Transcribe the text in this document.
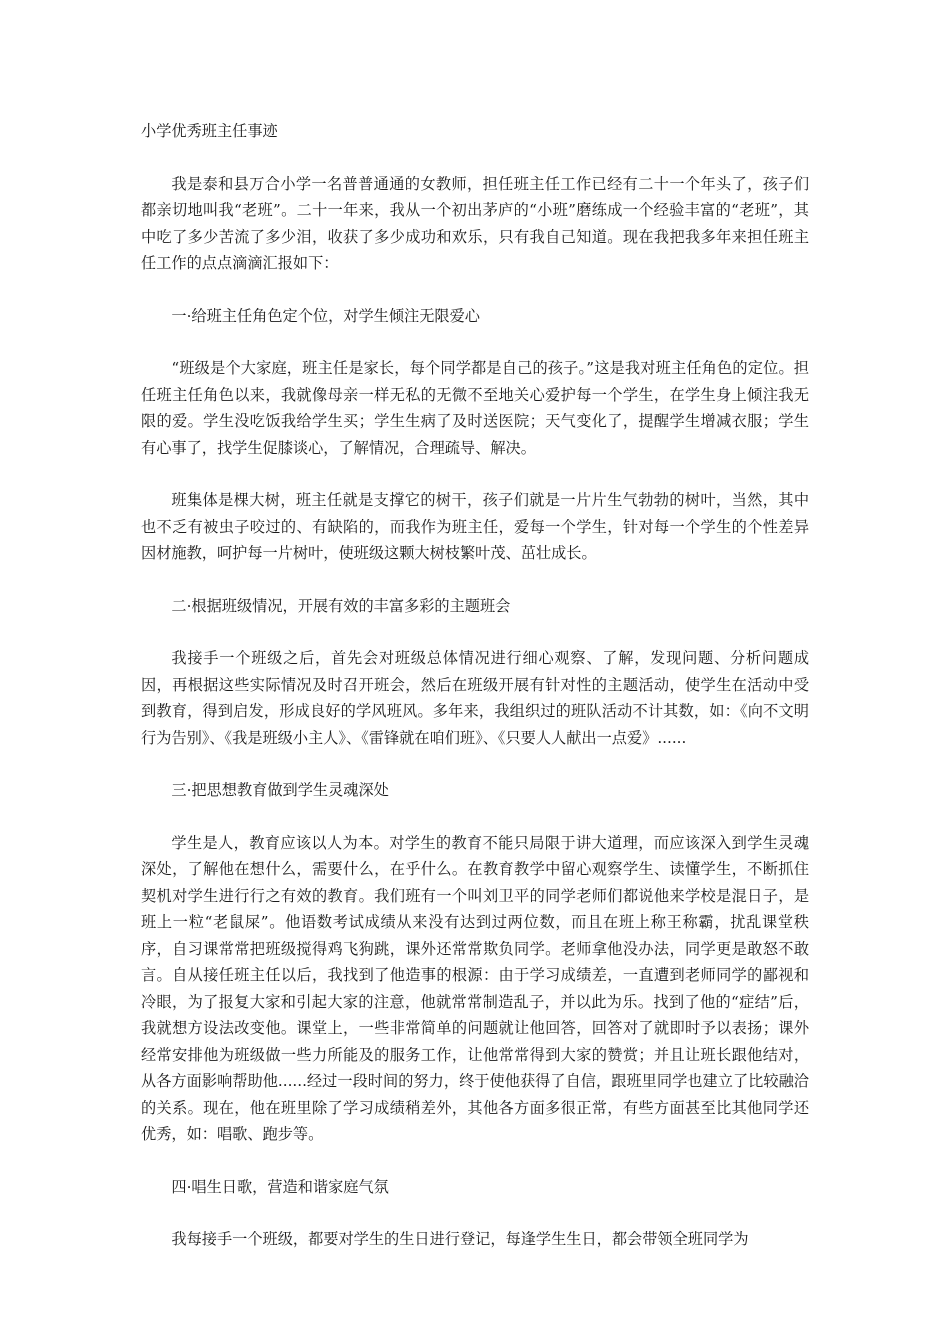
小学优秀班主任事迹

我是泰和县万合小学一名普普通通的女教师，担任班主任工作已经有二十一个年头了，孩子们都亲切地叫我“老班”。二十一年来，我从一个初出茅庐的“小班”磨练成一个经验丰富的“老班”，其中吃了多少苦流了多少泪，收获了多少成功和欢乐，只有我自己知道。现在我把我多年来担任班主任工作的点点滴滴汇报如下：

一·给班主任角色定个位，对学生倾注无限爱心

“班级是个大家庭，班主任是家长，每个同学都是自己的孩子。”这是我对班主任角色的定位。担任班主任角色以来，我就像母亲一样无私的无微不至地关心爱护每一个学生，在学生身上倾注我无限的爱。学生没吃饭我给学生买；学生生病了及时送医院；天气变化了，提醒学生增减衣服；学生有心事了，找学生促膝谈心，了解情况，合理疏导、解决。

班集体是棵大树，班主任就是支撑它的树干，孩子们就是一片片生气勃勃的树叶，当然，其中也不乏有被虫子咬过的、有缺陷的，而我作为班主任，爱每一个学生，针对每一个学生的个性差异因材施教，呵护每一片树叶，使班级这颗大树枝繁叶茂、茁壮成长。

二·根据班级情况，开展有效的丰富多彩的主题班会

我接手一个班级之后，首先会对班级总体情况进行细心观察、了解，发现问题、分析问题成因，再根据这些实际情况及时召开班会，然后在班级开展有针对性的主题活动，使学生在活动中受到教育，得到启发，形成良好的学风班风。多年来，我组织过的班队活动不计其数，如：《向不文明行为告别》、《我是班级小主人》、《雷锋就在咱们班》、《只要人人献出一点爱》......

三·把思想教育做到学生灵魂深处

学生是人，教育应该以人为本。对学生的教育不能只局限于讲大道理，而应该深入到学生灵魂深处，了解他在想什么，需要什么，在乎什么。在教育教学中留心观察学生、读懂学生，不断抓住契机对学生进行行之有效的教育。我们班有一个叫刘卫平的同学老师们都说他来学校是混日子，是班上一粒“老鼠屎”。他语数考试成绩从来没有达到过两位数，而且在班上称王称霸，扰乱课堂秩序，自习课常常把班级搅得鸡飞狗跳，课外还常常欺负同学。老师拿他没办法，同学更是敢怒不敢言。自从接任班主任以后，我找到了他造事的根源：由于学习成绩差，一直遭到老师同学的鄙视和冷眼，为了报复大家和引起大家的注意，他就常常制造乱子，并以此为乐。找到了他的“症结”后，我就想方设法改变他。课堂上，一些非常简单的问题就让他回答，回答对了就即时予以表扬；课外经常安排他为班级做一些力所能及的服务工作，让他常常得到大家的赞赏；并且让班长跟他结对，从各方面影响帮助他......经过一段时间的努力，终于使他获得了自信，跟班里同学也建立了比较融洽的关系。现在，他在班里除了学习成绩稍差外，其他各方面多很正常，有些方面甚至比其他同学还优秀，如：唱歌、跑步等。

四·唱生日歌，营造和谐家庭气氛

我每接手一个班级，都要对学生的生日进行登记，每逢学生生日，都会带领全班同学为
